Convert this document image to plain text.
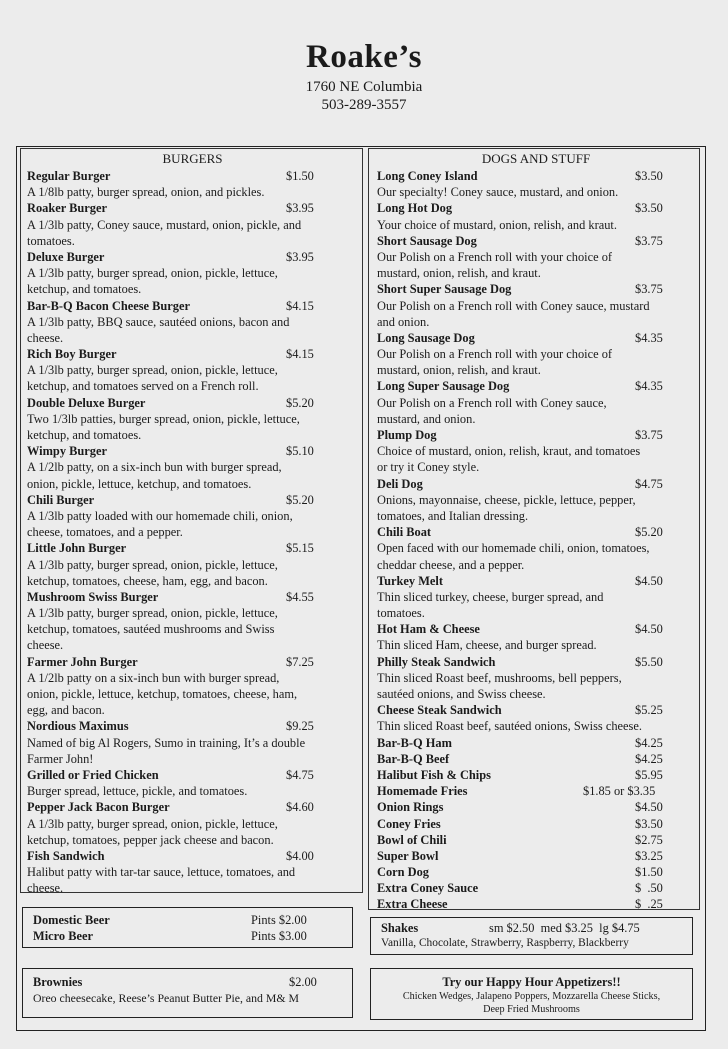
Roake’s
1760 NE Columbia
503-289-3557
BURGERS
Regular Burger	$1.50
A 1/8lb patty, burger spread, onion, and pickles.
Roaker Burger	$3.95
A 1/3lb patty, Coney sauce, mustard, onion, pickle, and
tomatoes.
Deluxe Burger	$3.95
A 1/3lb patty, burger spread, onion, pickle, lettuce,
ketchup, and tomatoes.
Bar-B-Q Bacon Cheese Burger	$4.15
A 1/3lb patty, BBQ sauce, sautéed onions, bacon and
cheese.
Rich Boy Burger	$4.15
A 1/3lb patty, burger spread, onion, pickle, lettuce,
ketchup, and tomatoes served on a French roll.
Double Deluxe Burger	$5.20
Two 1/3lb patties, burger spread, onion, pickle, lettuce,
ketchup, and tomatoes.
Wimpy Burger	$5.10
A 1/2lb patty, on a six-inch bun with burger spread,
onion, pickle, lettuce, ketchup, and tomatoes.
Chili Burger	$5.20
A 1/3lb patty loaded with our homemade chili, onion,
cheese, tomatoes, and a pepper.
Little John Burger	$5.15
A 1/3lb patty, burger spread, onion, pickle, lettuce,
ketchup, tomatoes, cheese, ham, egg, and bacon.
Mushroom Swiss Burger	$4.55
A 1/3lb patty, burger spread, onion, pickle, lettuce,
ketchup, tomatoes, sautéed mushrooms and Swiss
cheese.
Farmer John Burger	$7.25
A 1/2lb patty on a six-inch bun with burger spread,
onion, pickle, lettuce, ketchup, tomatoes, cheese, ham,
egg, and bacon.
Nordious Maximus	$9.25
Named of big Al Rogers, Sumo in training, It’s a double
Farmer John!
Grilled or Fried Chicken	$4.75
Burger spread, lettuce, pickle, and tomatoes.
Pepper Jack Bacon Burger	$4.60
A 1/3lb patty, burger spread, onion, pickle, lettuce,
ketchup, tomatoes, pepper jack cheese and bacon.
Fish Sandwich	$4.00
Halibut patty with tar-tar sauce, lettuce, tomatoes, and
cheese.
DOGS AND STUFF
Long Coney Island	$3.50
Our specialty! Coney sauce, mustard, and onion.
Long Hot Dog	$3.50
Your choice of mustard, onion, relish, and kraut.
Short Sausage Dog	$3.75
Our Polish on a French roll with your choice of
mustard, onion, relish, and kraut.
Short Super Sausage Dog	$3.75
Our Polish on a French roll with Coney sauce, mustard
and onion.
Long Sausage Dog	$4.35
Our Polish on a French roll with your choice of
mustard, onion, relish, and kraut.
Long Super Sausage Dog	$4.35
Our Polish on a French roll with Coney sauce,
mustard, and onion.
Plump Dog	$3.75
Choice of mustard, onion, relish, kraut, and tomatoes
or try it Coney style.
Deli Dog	$4.75
Onions, mayonnaise, cheese, pickle, lettuce, pepper,
tomatoes, and Italian dressing.
Chili Boat	$5.20
Open faced with our homemade chili, onion, tomatoes,
cheddar cheese, and a pepper.
Turkey Melt	$4.50
Thin sliced turkey, cheese, burger spread, and
tomatoes.
Hot Ham & Cheese	$4.50
Thin sliced Ham, cheese, and burger spread.
Philly Steak Sandwich	$5.50
Thin sliced Roast beef, mushrooms, bell peppers,
sautéed onions, and Swiss cheese.
Cheese Steak Sandwich	$5.25
Thin sliced Roast beef, sautéed onions, Swiss cheese.
Bar-B-Q Ham	$4.25
Bar-B-Q Beef	$4.25
Halibut Fish & Chips	$5.95
Homemade Fries	$1.85 or $3.35
Onion Rings	$4.50
Coney Fries	$3.50
Bowl of Chili	$2.75
Super Bowl	$3.25
Corn Dog	$1.50
Extra Coney Sauce	$  .50
Extra Cheese	$  .25
Domestic Beer	Pints $2.00
Micro Beer	Pints $3.00
Shakes	sm $2.50  med $3.25  lg $4.75
Vanilla, Chocolate, Strawberry, Raspberry, Blackberry
Brownies	$2.00
Oreo cheesecake, Reese’s Peanut Butter Pie, and M& M
Try our Happy Hour Appetizers!!
Chicken Wedges, Jalapeno Poppers, Mozzarella Cheese Sticks,
Deep Fried Mushrooms
